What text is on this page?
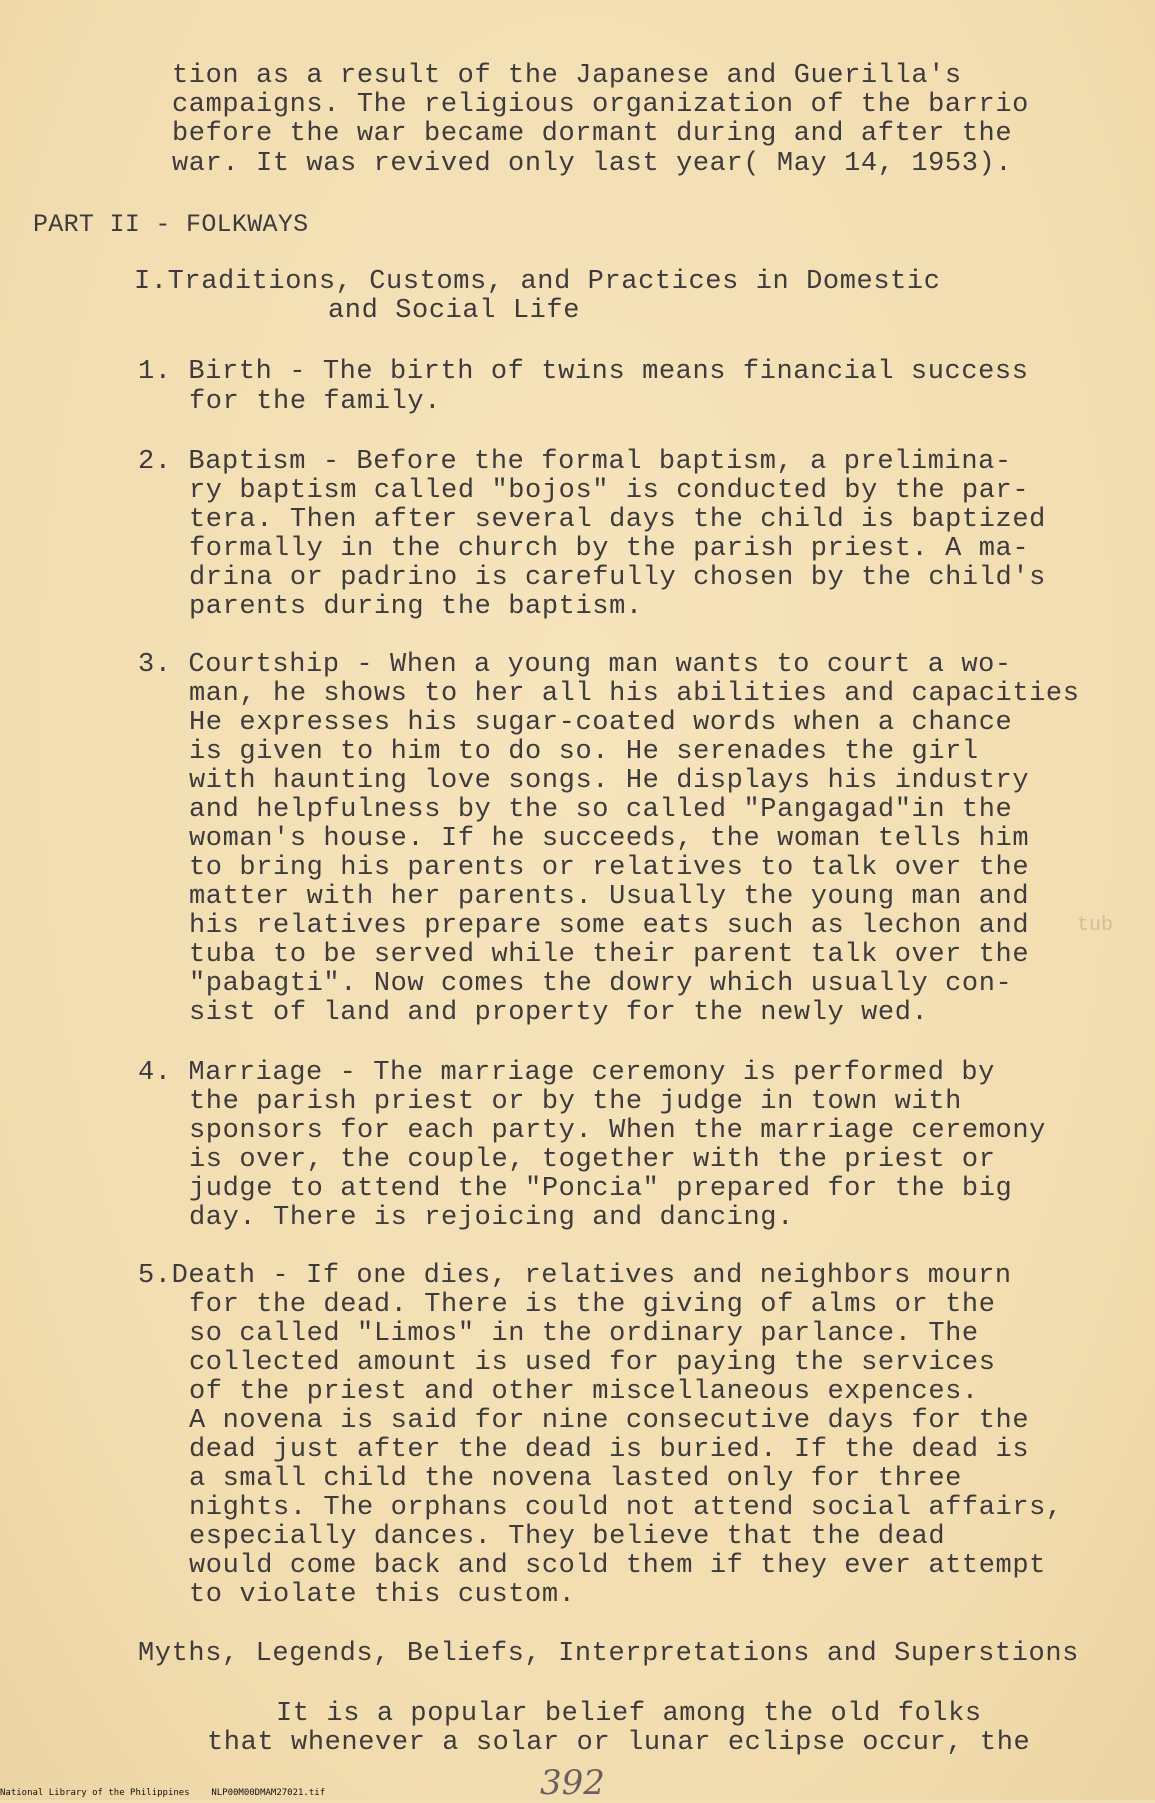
tion as a result of the Japanese and Guerilla's
campaigns. The religious organization of the barrio
before the war became dormant during and after the
war. It was revived only last year( May 14, 1953).
PART II - FOLKWAYS
I.Traditions, Customs, and Practices in Domestic
and Social Life
1. Birth - The birth of twins means financial success
for the family.
2. Baptism - Before the formal baptism, a prelimina-
ry baptism called "bojos" is conducted by the par-
tera. Then after several days the child is baptized
formally in the church by the parish priest. A ma-
drina or padrino is carefully chosen by the child's
parents during the baptism.
3. Courtship - When a young man wants to court a wo-
man, he shows to her all his abilities and capacities
He expresses his sugar-coated words when a chance
is given to him to do so. He serenades the girl
with haunting love songs. He displays his industry
and helpfulness by the so called "Pangagad"in the
woman's house. If he succeeds, the woman tells him
to bring his parents or relatives to talk over the
matter with her parents. Usually the young man and
his relatives prepare some eats such as lechon and
tuba to be served while their parent talk over the
"pabagti". Now comes the dowry which usually con-
sist of land and property for the newly wed.
tub
4. Marriage - The marriage ceremony is performed by
the parish priest or by the judge in town with
sponsors for each party. When the marriage ceremony
is over, the couple, together with the priest or
judge to attend the "Poncia" prepared for the big
day. There is rejoicing and dancing.
5.Death - If one dies, relatives and neighbors mourn
for the dead. There is the giving of alms or the
so called "Limos" in the ordinary parlance. The
collected amount is used for paying the services
of the priest and other miscellaneous expences.
A novena is said for nine consecutive days for the
dead just after the dead is buried. If the dead is
a small child the novena lasted only for three
nights. The orphans could not attend social affairs,
especially dances. They believe that the dead
would come back and scold them if they ever attempt
to violate this custom.
Myths, Legends, Beliefs, Interpretations and Superstions
It is a popular belief among the old folks
that whenever a solar or lunar eclipse occur, the
392
National Library of the Philippines    NLP00M00DMAM27021.tif
